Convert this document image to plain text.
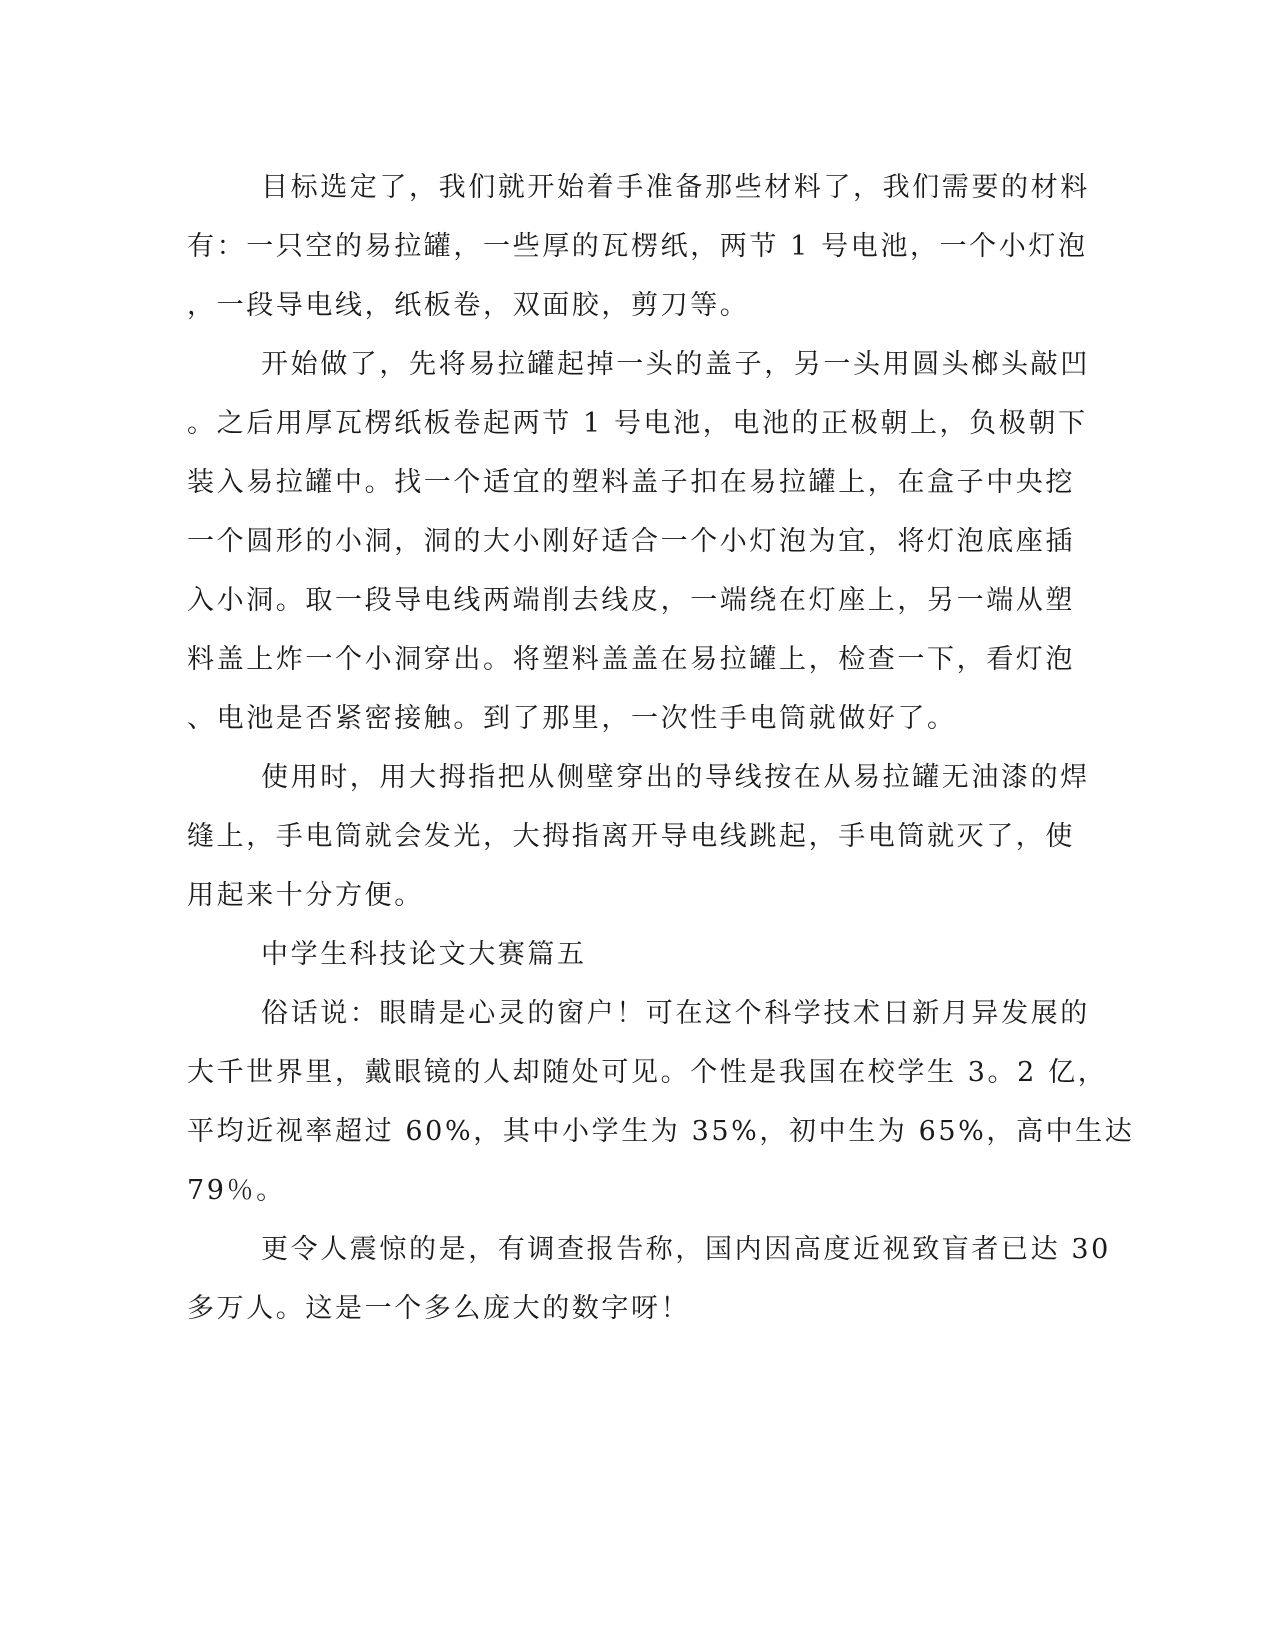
目标选定了，我们就开始着手准备那些材料了，我们需要的材料
有：一只空的易拉罐，一些厚的瓦楞纸，两节 1 号电池，一个小灯泡
，一段导电线，纸板卷，双面胶，剪刀等。
开始做了，先将易拉罐起掉一头的盖子，另一头用圆头榔头敲凹
。之后用厚瓦楞纸板卷起两节 1 号电池，电池的正极朝上，负极朝下
装入易拉罐中。找一个适宜的塑料盖子扣在易拉罐上，在盒子中央挖
一个圆形的小洞，洞的大小刚好适合一个小灯泡为宜，将灯泡底座插
入小洞。取一段导电线两端削去线皮，一端绕在灯座上，另一端从塑
料盖上炸一个小洞穿出。将塑料盖盖在易拉罐上，检查一下，看灯泡
、电池是否紧密接触。到了那里，一次性手电筒就做好了。
使用时，用大拇指把从侧壁穿出的导线按在从易拉罐无油漆的焊
缝上，手电筒就会发光，大拇指离开导电线跳起，手电筒就灭了，使
用起来十分方便。
中学生科技论文大赛篇五
俗话说：眼睛是心灵的窗户！可在这个科学技术日新月异发展的
大千世界里，戴眼镜的人却随处可见。个性是我国在校学生 3。2 亿，
平均近视率超过 60%，其中小学生为 35%，初中生为 65%，高中生达
79％。
更令人震惊的是，有调查报告称，国内因高度近视致盲者已达 30
多万人。这是一个多么庞大的数字呀！
